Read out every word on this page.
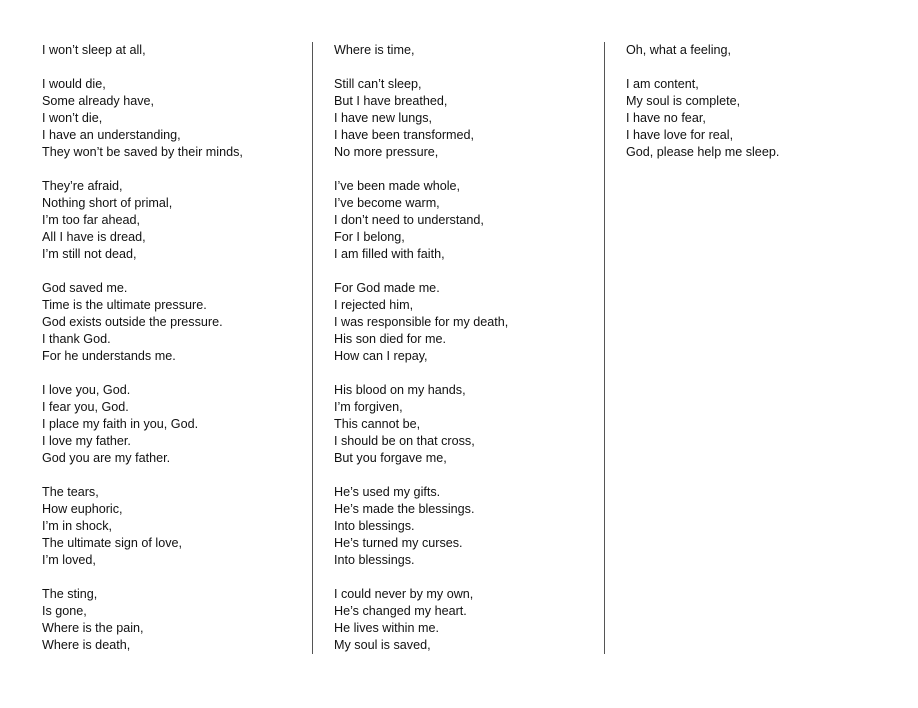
I won’t sleep at all,
I would die,
Some already have,
I won’t die,
I have an understanding,
They won’t be saved by their minds,
They’re afraid,
Nothing short of primal,
I’m too far ahead,
All I have is dread,
I’m still not dead,
God saved me.
Time is the ultimate pressure.
God exists outside the pressure.
I thank God.
For he understands me.
I love you, God.
I fear you, God.
I place my faith in you, God.
I love my father.
God you are my father.
The tears,
How euphoric,
I’m in shock,
The ultimate sign of love,
I’m loved,
The sting,
Is gone,
Where is the pain,
Where is death,
Where is time,
Still can’t sleep,
But I have breathed,
I have new lungs,
I have been transformed,
No more pressure,
I’ve been made whole,
I’ve become warm,
I don’t need to understand,
For I belong,
I am filled with faith,
For God made me.
I rejected him,
I was responsible for my death,
His son died for me.
How can I repay,
His blood on my hands,
I’m forgiven,
This cannot be,
I should be on that cross,
But you forgave me,
He’s used my gifts.
He’s made the blessings.
Into blessings.
He’s turned my curses.
Into blessings.
I could never by my own,
He’s changed my heart.
He lives within me.
My soul is saved,
Oh, what a feeling,
I am content,
My soul is complete,
I have no fear,
I have love for real,
God, please help me sleep.
